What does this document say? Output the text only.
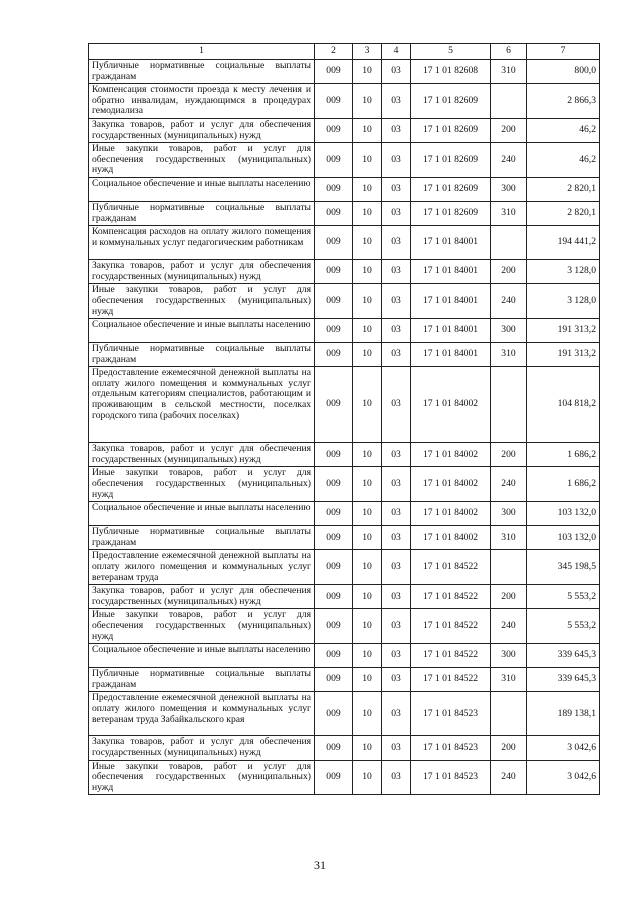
1	2	3	4	5	6	7
Публичные нормативные социальные выплаты гражданам	009	10	03	17 1 01 82608	310	800,0
Компенсация стоимости проезда к месту лечения и обратно инвалидам, нуждающимся в процедурах гемодиализа	009	10	03	17 1 01 82609		2 866,3
Закупка товаров, работ и услуг для обеспечения государственных (муниципальных) нужд	009	10	03	17 1 01 82609	200	46,2
Иные закупки товаров, работ и услуг для обеспечения государственных (муниципальных) нужд	009	10	03	17 1 01 82609	240	46,2
Социальное обеспечение и иные выплаты населению	009	10	03	17 1 01 82609	300	2 820,1
Публичные нормативные социальные выплаты гражданам	009	10	03	17 1 01 82609	310	2 820,1
Компенсация расходов на оплату жилого помещения и коммунальных услуг педагогическим работникам	009	10	03	17 1 01 84001		194 441,2
Закупка товаров, работ и услуг для обеспечения государственных (муниципальных) нужд	009	10	03	17 1 01 84001	200	3 128,0
Иные закупки товаров, работ и услуг для обеспечения государственных (муниципальных) нужд	009	10	03	17 1 01 84001	240	3 128,0
Социальное обеспечение и иные выплаты населению	009	10	03	17 1 01 84001	300	191 313,2
Публичные нормативные социальные выплаты гражданам	009	10	03	17 1 01 84001	310	191 313,2
Предоставление ежемесячной денежной выплаты на оплату жилого помещения и коммунальных услуг отдельным категориям специалистов, работающим и проживающим в сельской местности, поселках городского типа (рабочих поселках)	009	10	03	17 1 01 84002		104 818,2
Закупка товаров, работ и услуг для обеспечения государственных (муниципальных) нужд	009	10	03	17 1 01 84002	200	1 686,2
Иные закупки товаров, работ и услуг для обеспечения государственных (муниципальных) нужд	009	10	03	17 1 01 84002	240	1 686,2
Социальное обеспечение и иные выплаты населению	009	10	03	17 1 01 84002	300	103 132,0
Публичные нормативные социальные выплаты гражданам	009	10	03	17 1 01 84002	310	103 132,0
Предоставление ежемесячной денежной выплаты на оплату жилого помещения и коммунальных услуг ветеранам труда	009	10	03	17 1 01 84522		345 198,5
Закупка товаров, работ и услуг для обеспечения государственных (муниципальных) нужд	009	10	03	17 1 01 84522	200	5 553,2
Иные закупки товаров, работ и услуг для обеспечения государственных (муниципальных) нужд	009	10	03	17 1 01 84522	240	5 553,2
Социальное обеспечение и иные выплаты населению	009	10	03	17 1 01 84522	300	339 645,3
Публичные нормативные социальные выплаты гражданам	009	10	03	17 1 01 84522	310	339 645,3
Предоставление ежемесячной денежной выплаты на оплату жилого помещения и коммунальных услуг ветеранам труда Забайкальского края	009	10	03	17 1 01 84523		189 138,1
Закупка товаров, работ и услуг для обеспечения государственных (муниципальных) нужд	009	10	03	17 1 01 84523	200	3 042,6
Иные закупки товаров, работ и услуг для обеспечения государственных (муниципальных) нужд	009	10	03	17 1 01 84523	240	3 042,6
31
